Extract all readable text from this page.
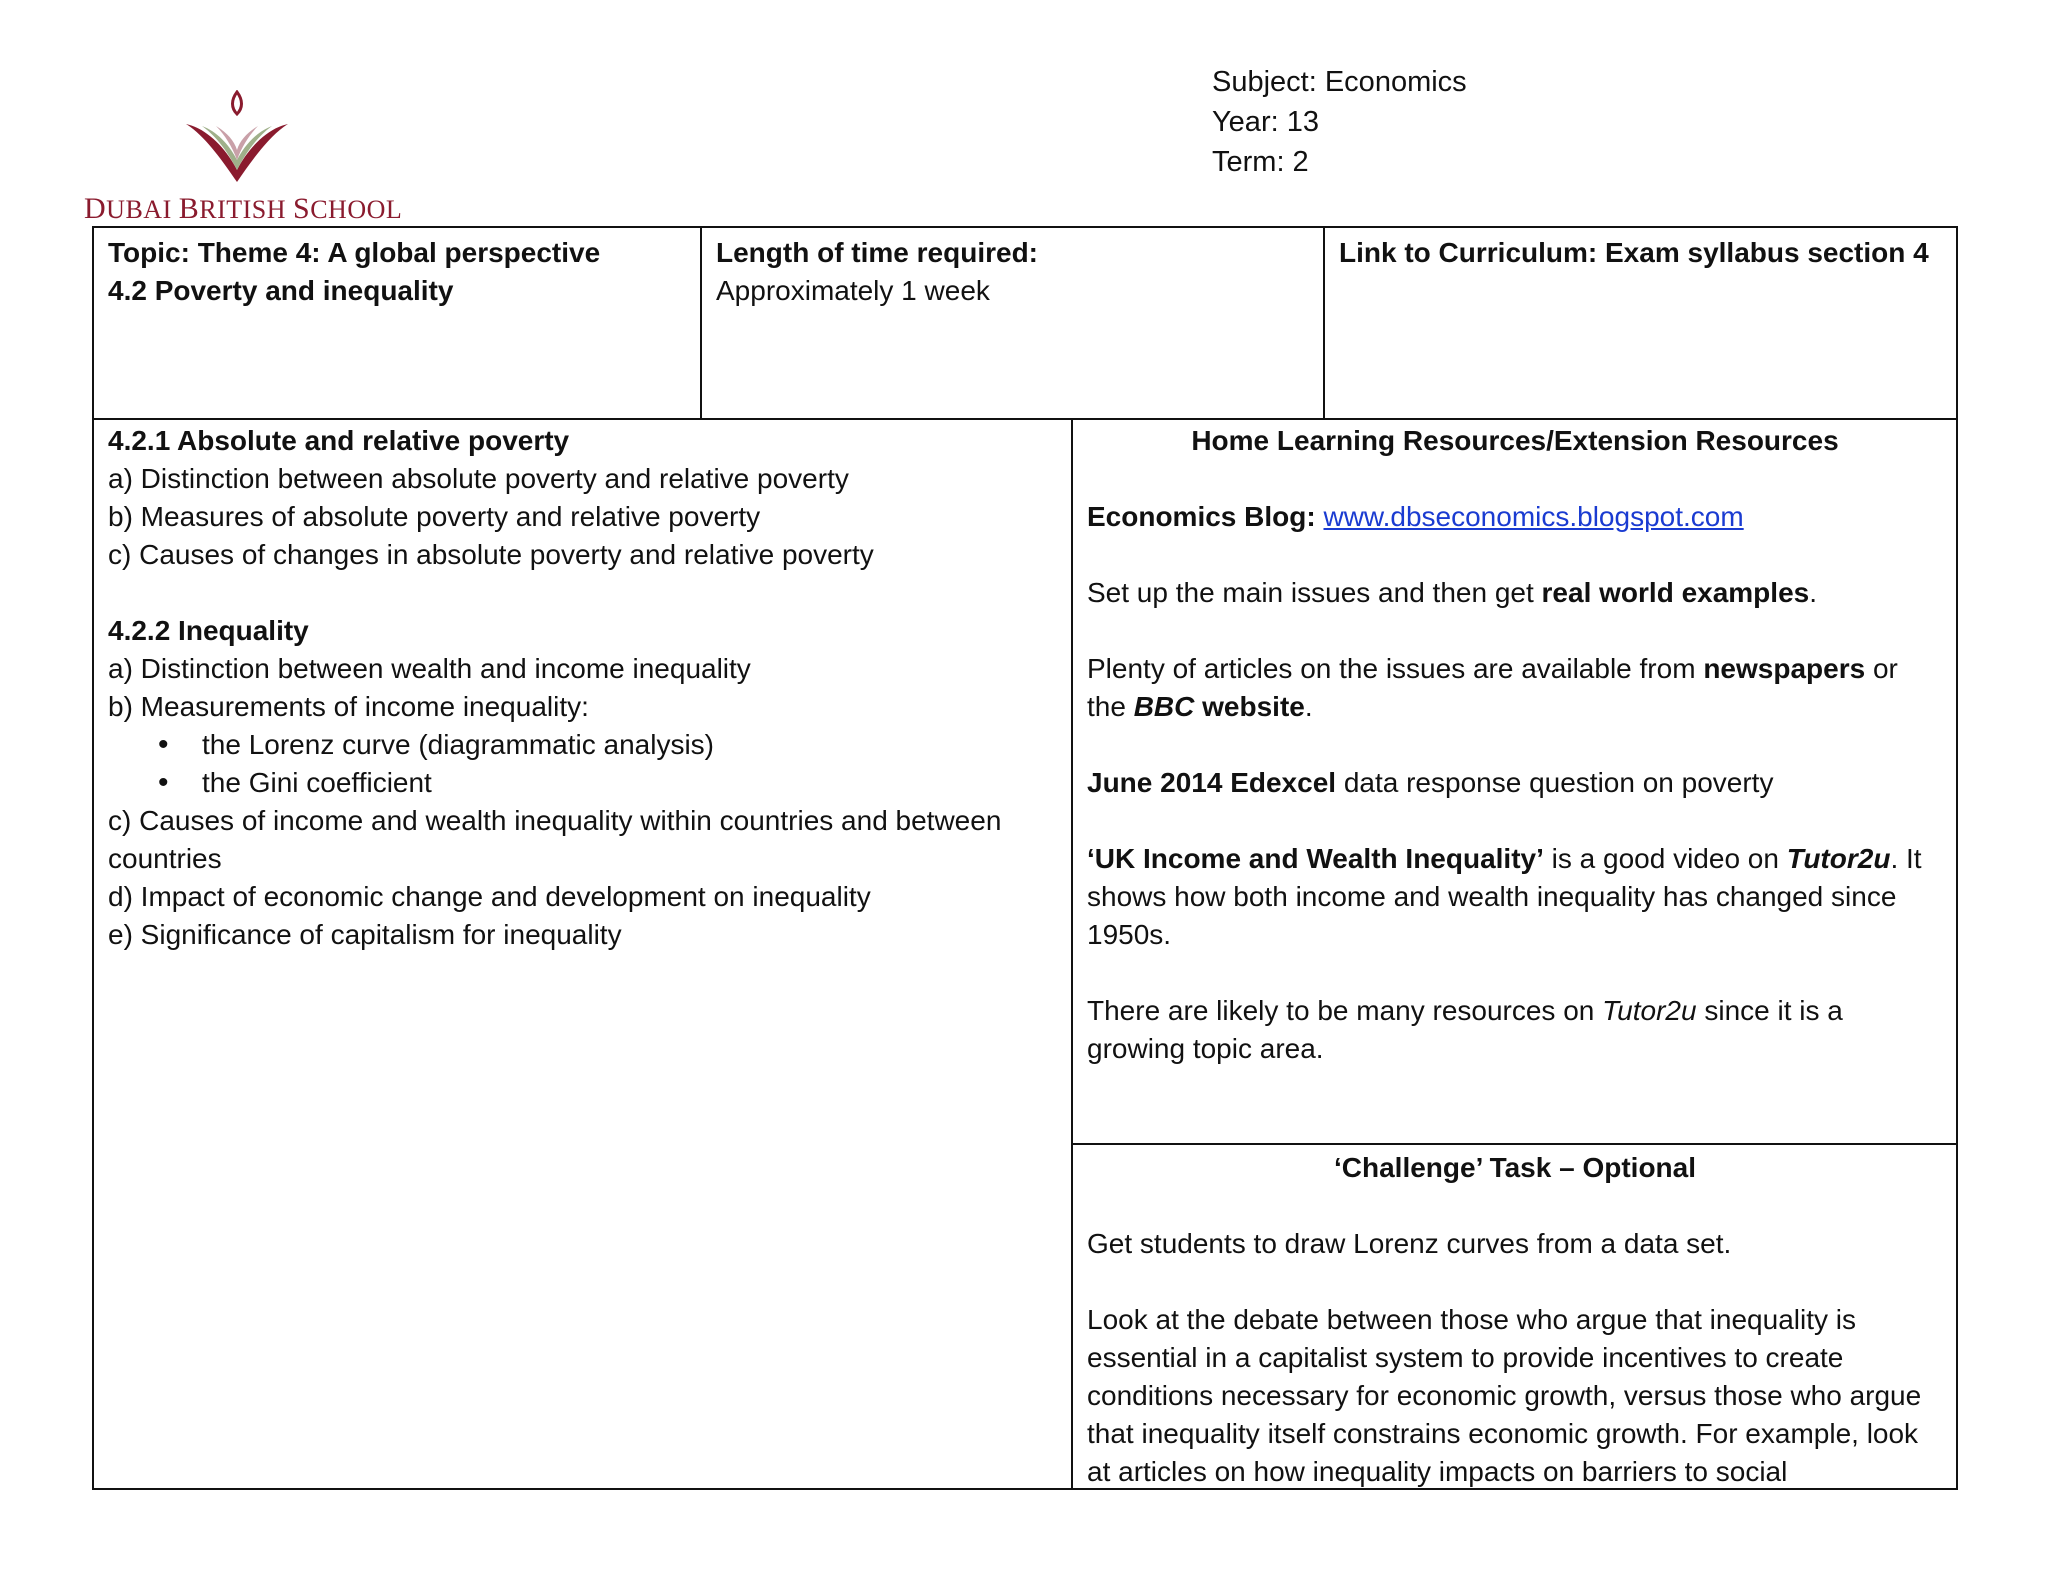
DUBAI BRITISH SCHOOL
Subject: Economics
Year: 13
Term: 2
Topic: Theme 4: A global perspective
4.2 Poverty and inequality
Length of time required:
Approximately 1 week
Link to Curriculum: Exam syllabus section 4
4.2.1 Absolute and relative poverty
a) Distinction between absolute poverty and relative poverty
b) Measures of absolute poverty and relative poverty
c) Causes of changes in absolute poverty and relative poverty
4.2.2 Inequality
a) Distinction between wealth and income inequality
b) Measurements of income inequality:
• the Lorenz curve (diagrammatic analysis)
• the Gini coefficient
c) Causes of income and wealth inequality within countries and between countries
d) Impact of economic change and development on inequality
e) Significance of capitalism for inequality
Home Learning Resources/Extension Resources
Economics Blog: www.dbseconomics.blogspot.com
Set up the main issues and then get real world examples.
Plenty of articles on the issues are available from newspapers or the BBC website.
June 2014 Edexcel data response question on poverty
‘UK Income and Wealth Inequality’ is a good video on Tutor2u. It shows how both income and wealth inequality has changed since 1950s.
There are likely to be many resources on Tutor2u since it is a growing topic area.
‘Challenge’ Task – Optional
Get students to draw Lorenz curves from a data set.
Look at the debate between those who argue that inequality is essential in a capitalist system to provide incentives to create conditions necessary for economic growth, versus those who argue that inequality itself constrains economic growth. For example, look at articles on how inequality impacts on barriers to social
